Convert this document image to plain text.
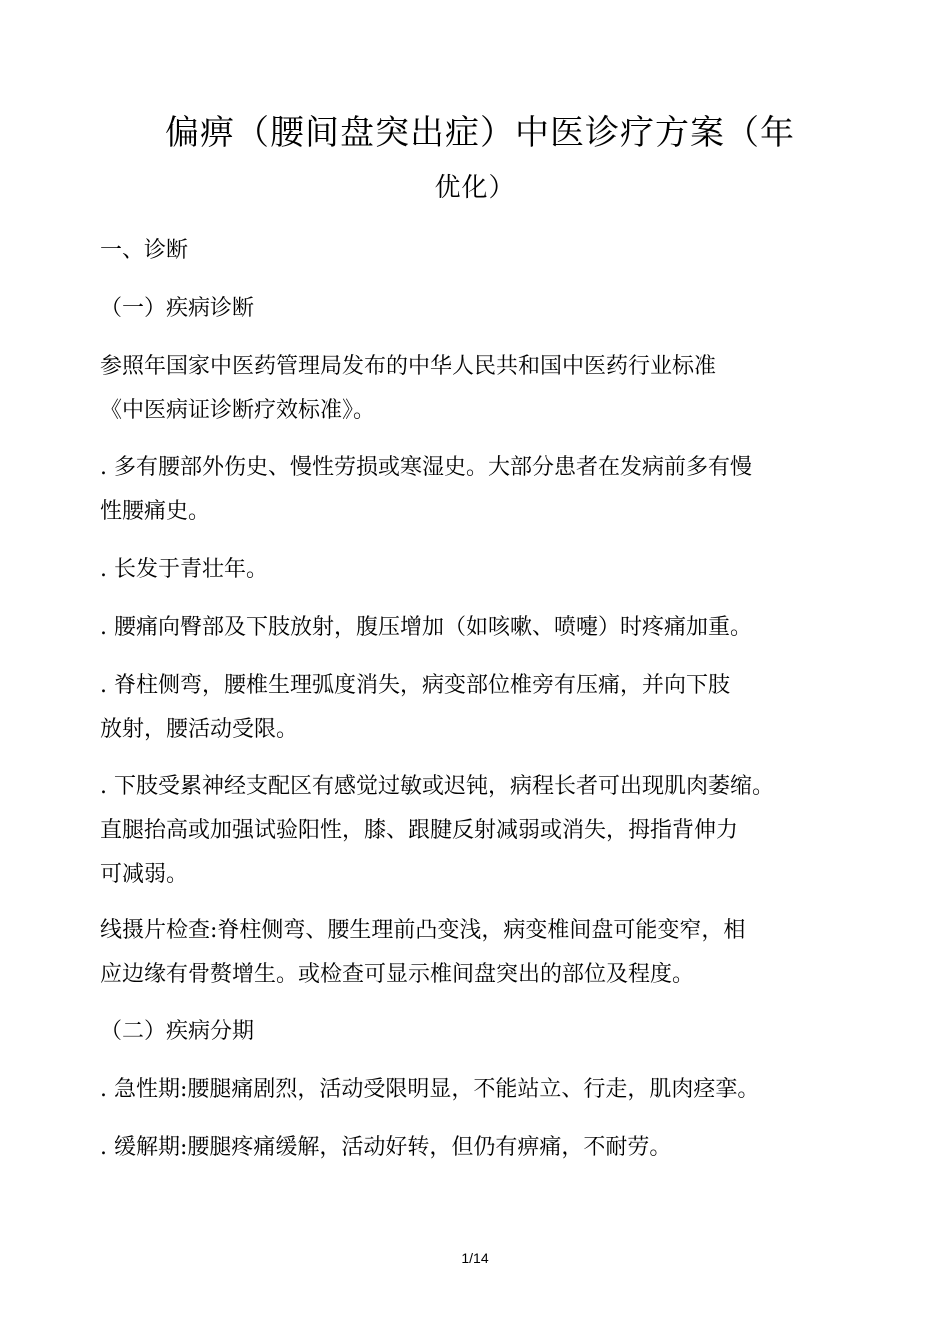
偏痹（腰间盘突出症）中医诊疗方案（年
优化）
一、诊断
（一）疾病诊断
参照年国家中医药管理局发布的中华人民共和国中医药行业标准
《中医病证诊断疗效标准》。
. 多有腰部外伤史、慢性劳损或寒湿史。大部分患者在发病前多有慢
性腰痛史。
. 长发于青壮年。
. 腰痛向臀部及下肢放射，腹压增加（如咳嗽、喷嚏）时疼痛加重。
. 脊柱侧弯，腰椎生理弧度消失，病变部位椎旁有压痛，并向下肢
放射，腰活动受限。
. 下肢受累神经支配区有感觉过敏或迟钝，病程长者可出现肌肉萎缩。
直腿抬高或加强试验阳性，膝、跟腱反射减弱或消失，拇指背伸力
可减弱。
线摄片检查:脊柱侧弯、腰生理前凸变浅，病变椎间盘可能变窄，相
应边缘有骨赘增生。或检查可显示椎间盘突出的部位及程度。
（二）疾病分期
. 急性期:腰腿痛剧烈，活动受限明显，不能站立、行走，肌肉痉挛。
. 缓解期:腰腿疼痛缓解，活动好转，但仍有痹痛，不耐劳。
1/14
